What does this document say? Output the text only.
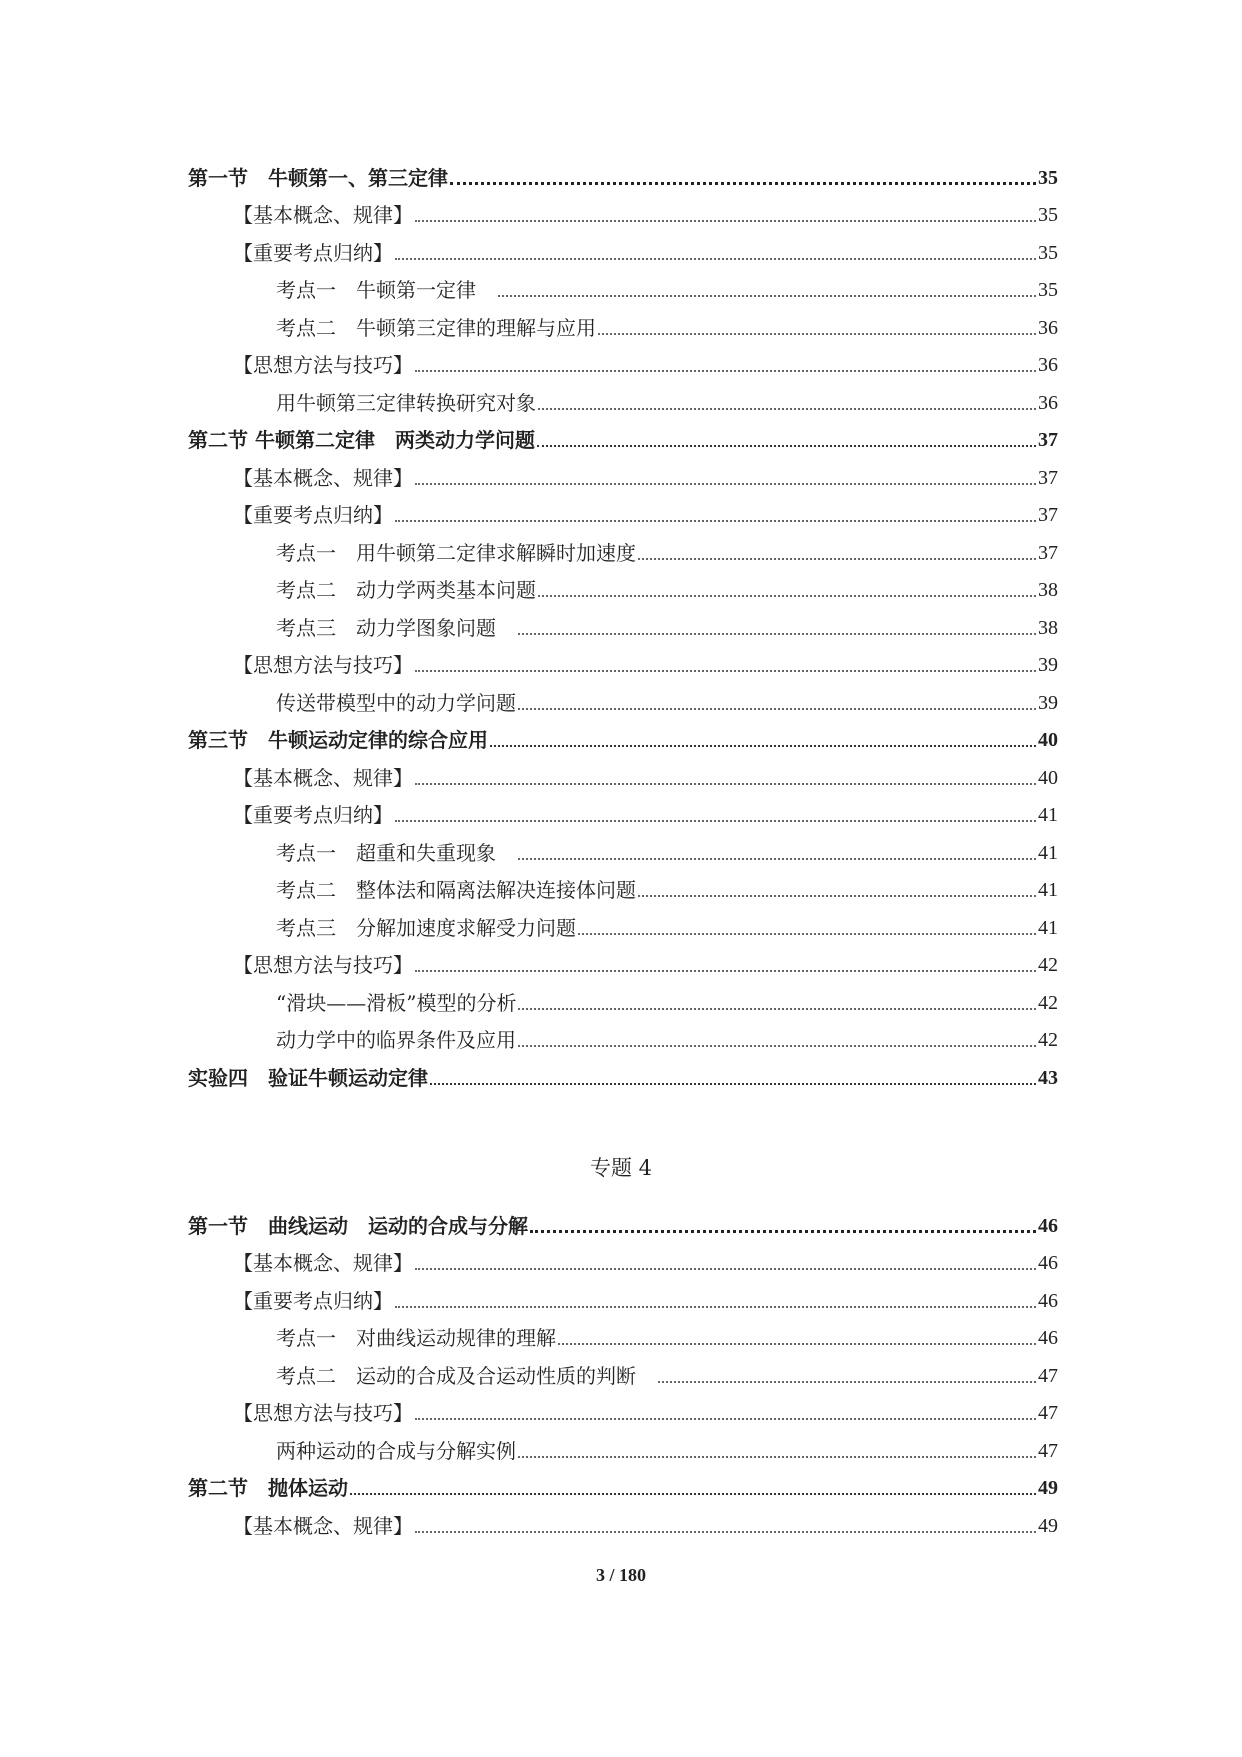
第一节　牛顿第一、第三定律	35
【基本概念、规律】	35
【重要考点归纳】	35
考点一　牛顿第一定律　	35
考点二　牛顿第三定律的理解与应用	36
【思想方法与技巧】	36
用牛顿第三定律转换研究对象	36
第二节 牛顿第二定律　两类动力学问题	37
【基本概念、规律】	37
【重要考点归纳】	37
考点一　用牛顿第二定律求解瞬时加速度	37
考点二　动力学两类基本问题	38
考点三　动力学图象问题　	38
【思想方法与技巧】	39
传送带模型中的动力学问题	39
第三节　牛顿运动定律的综合应用	40
【基本概念、规律】	40
【重要考点归纳】	41
考点一　超重和失重现象　	41
考点二　整体法和隔离法解决连接体问题	41
考点三　分解加速度求解受力问题	41
【思想方法与技巧】	42
“滑块——滑板”模型的分析	42
动力学中的临界条件及应用	42
实验四　验证牛顿运动定律	43
专题 4
第一节　曲线运动　运动的合成与分解	46
【基本概念、规律】	46
【重要考点归纳】	46
考点一　对曲线运动规律的理解	46
考点二　运动的合成及合运动性质的判断　	47
【思想方法与技巧】	47
两种运动的合成与分解实例	47
第二节　抛体运动	49
【基本概念、规律】	49
3 / 180
